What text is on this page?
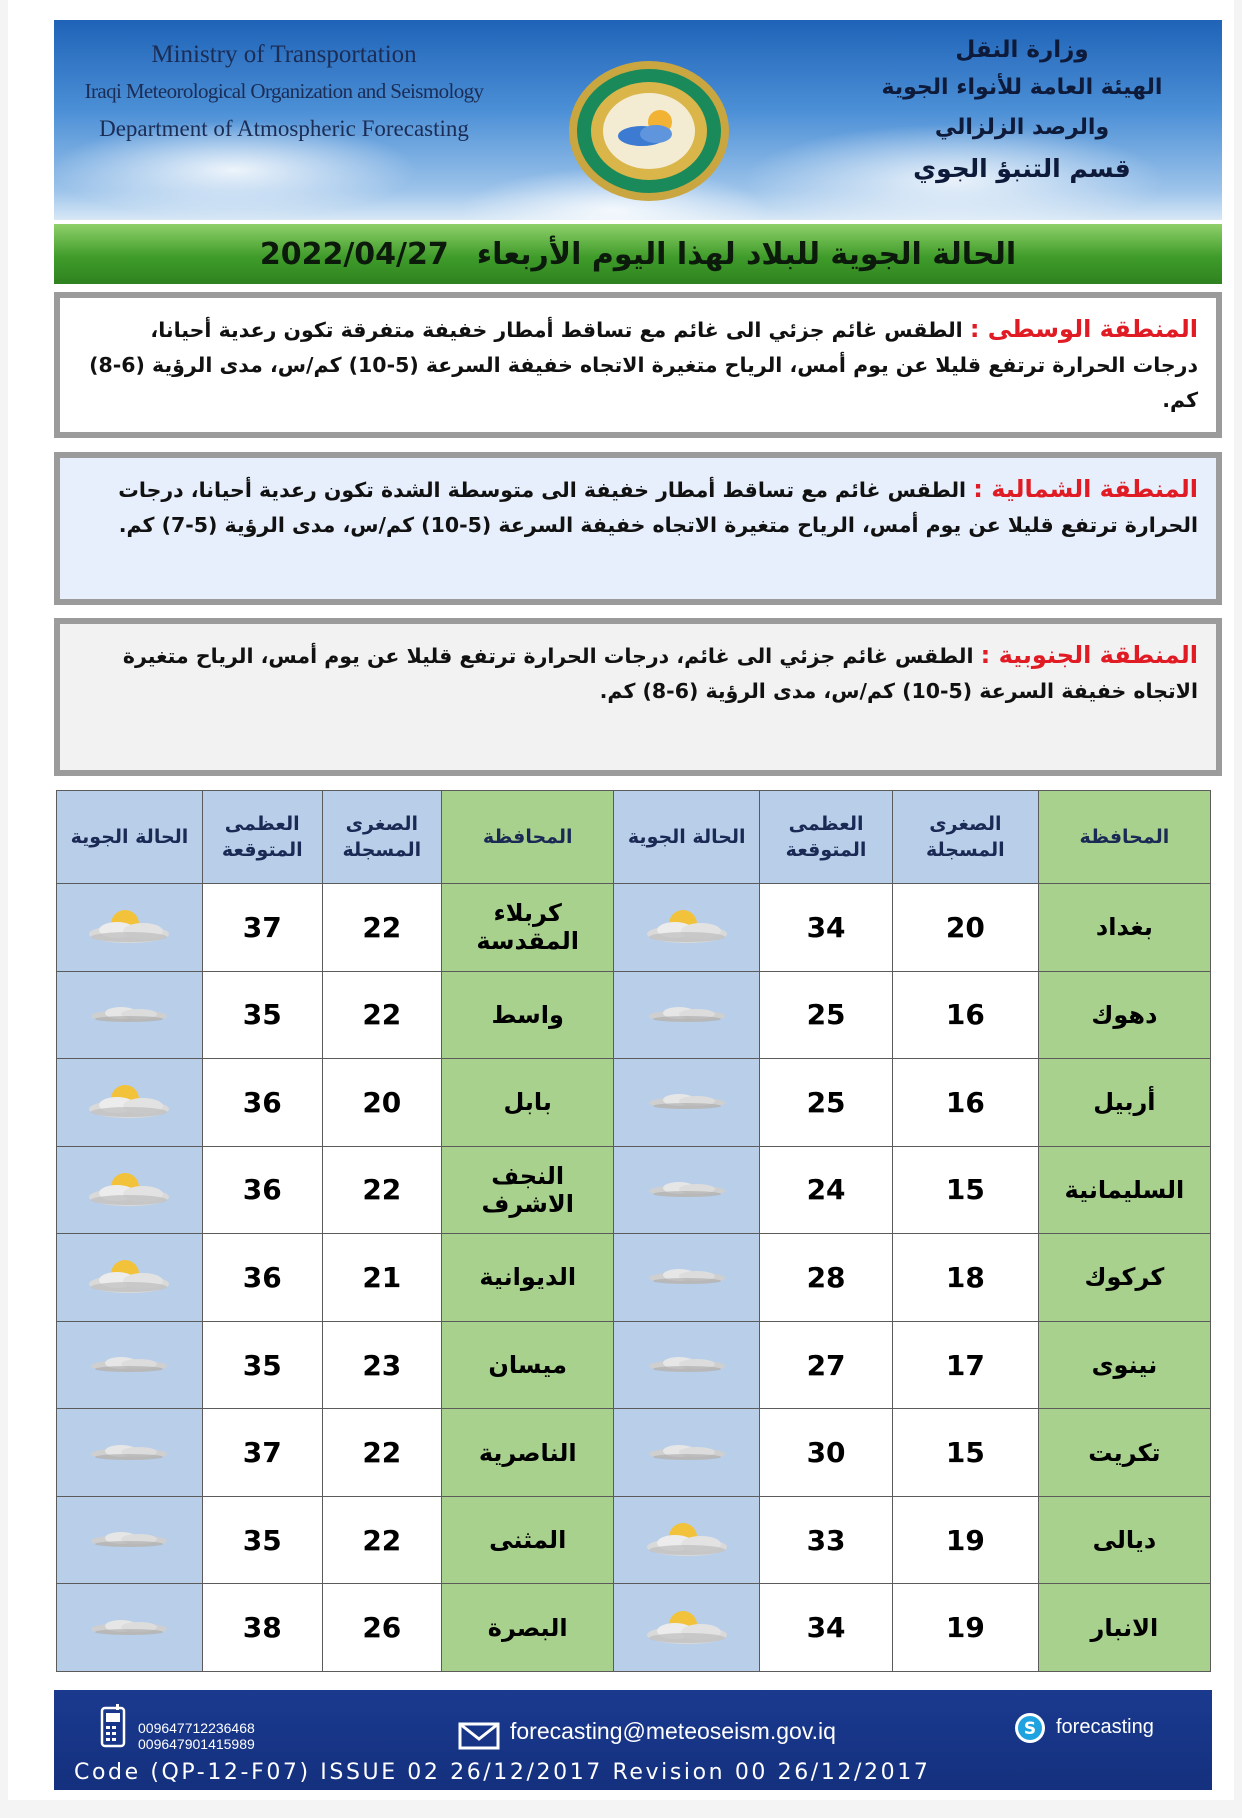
Ministry of Transportation
Iraqi Meteorological Organization and Seismology
Department of Atmospheric Forecasting
وزارة النقل
الهيئة العامة للأنواء الجوية والرصد الزلزالي
قسم التنبؤ الجوي
الحالة الجوية للبلاد لهذا اليوم الأربعاء
2022/04/27
المنطقة الوسطى : الطقس غائم جزئي الى غائم مع تساقط أمطار خفيفة متفرقة تكون رعدية أحيانا، درجات الحرارة ترتفع قليلا عن يوم أمس، الرياح متغيرة الاتجاه خفيفة السرعة (5-10) كم/س، مدى الرؤية (6-8) كم.
المنطقة الشمالية : الطقس غائم مع تساقط أمطار خفيفة الى متوسطة الشدة تكون رعدية أحيانا، درجات الحرارة ترتفع قليلا عن يوم أمس، الرياح متغيرة الاتجاه خفيفة السرعة (5-10) كم/س، مدى الرؤية (5-7) كم.
المنطقة الجنوبية : الطقس غائم جزئي الى غائم، درجات الحرارة ترتفع قليلا عن يوم أمس، الرياح متغيرة الاتجاه خفيفة السرعة (5-10) كم/س، مدى الرؤية (6-8) كم.
المحافظة	الصغرى المسجلة	العظمى المتوقعة	الحالة الجوية	المحافظة	الصغرى المسجلة	العظمى المتوقعة	الحالة الجوية
بغداد	20	34		كربلاء المقدسة	22	37	

دهوك	16	25		واسط	22	35	

أربيل	16	25		بابل	20	36	

السليمانية	15	24		النجف الاشرف	22	36	

كركوك	18	28		الديوانية	21	36	

نينوى	17	27		ميسان	23	35	

تكريت	15	30		الناصرية	22	37	

ديالى	19	33		المثنى	22	35	

الانبار	19	34		البصرة	26	38	
009647712236468
009647901415989	forecasting@meteoseism.gov.iq	S forecasting
Code (QP-12-F07) ISSUE 02 26/12/2017 Revision 00 26/12/2017
